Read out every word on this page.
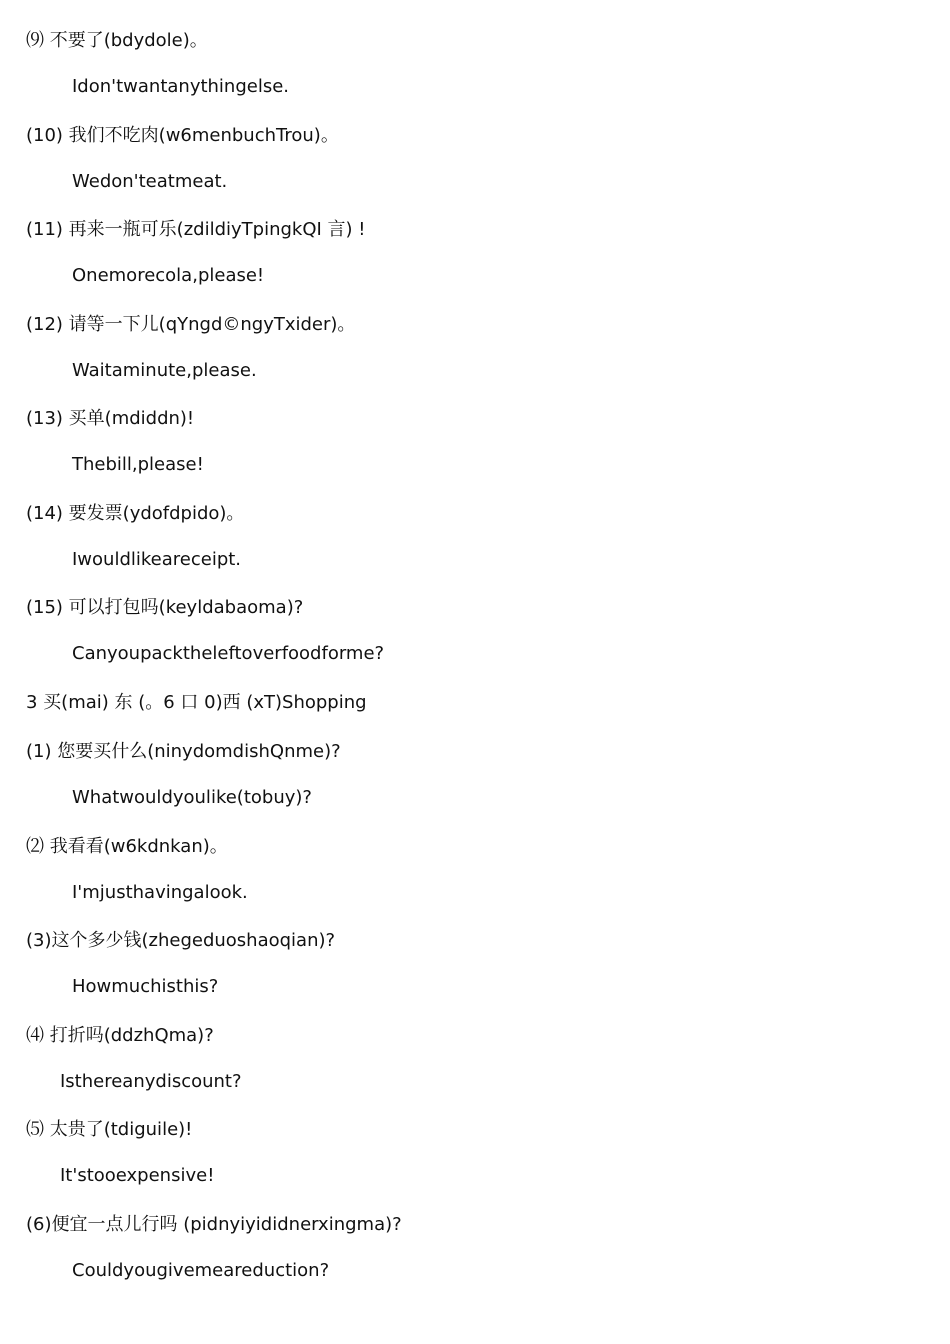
⑼ 不要了(bdydole)。
Idon'twantanythingelse.
(10) 我们不吃肉(w6menbuchTrou)。
Wedon'teatmeat.
(11) 再来一瓶可乐(zdildiyTpingkQI 言) !
Onemorecola,please!
(12) 请等一下儿(qYngd©ngyTxider)。
Waitaminute,please.
(13) 买单(mdiddn)!
Thebill,please!
(14) 要发票(ydofdpido)。
Iwouldlikeareceipt.
(15) 可以打包吗(keyldabaoma)?
Canyoupacktheleftoverfoodforme?
3 买(mai) 东 (。6 口 0)西 (xT)Shopping
(1) 您要买什么(ninydomdishQnme)?
Whatwouldyoulike(tobuy)?
⑵ 我看看(w6kdnkan)。
I'mjusthavingalook.
(3)这个多少钱(zhegeduoshaoqian)?
Howmuchisthis?
⑷ 打折吗(ddzhQma)?
Isthereanydiscount?
⑸ 太贵了(tdiguile)!
It'stooexpensive!
(6)便宜一点儿行吗 (pidnyiyididnerxingma)?
Couldyougivemeareduction?
